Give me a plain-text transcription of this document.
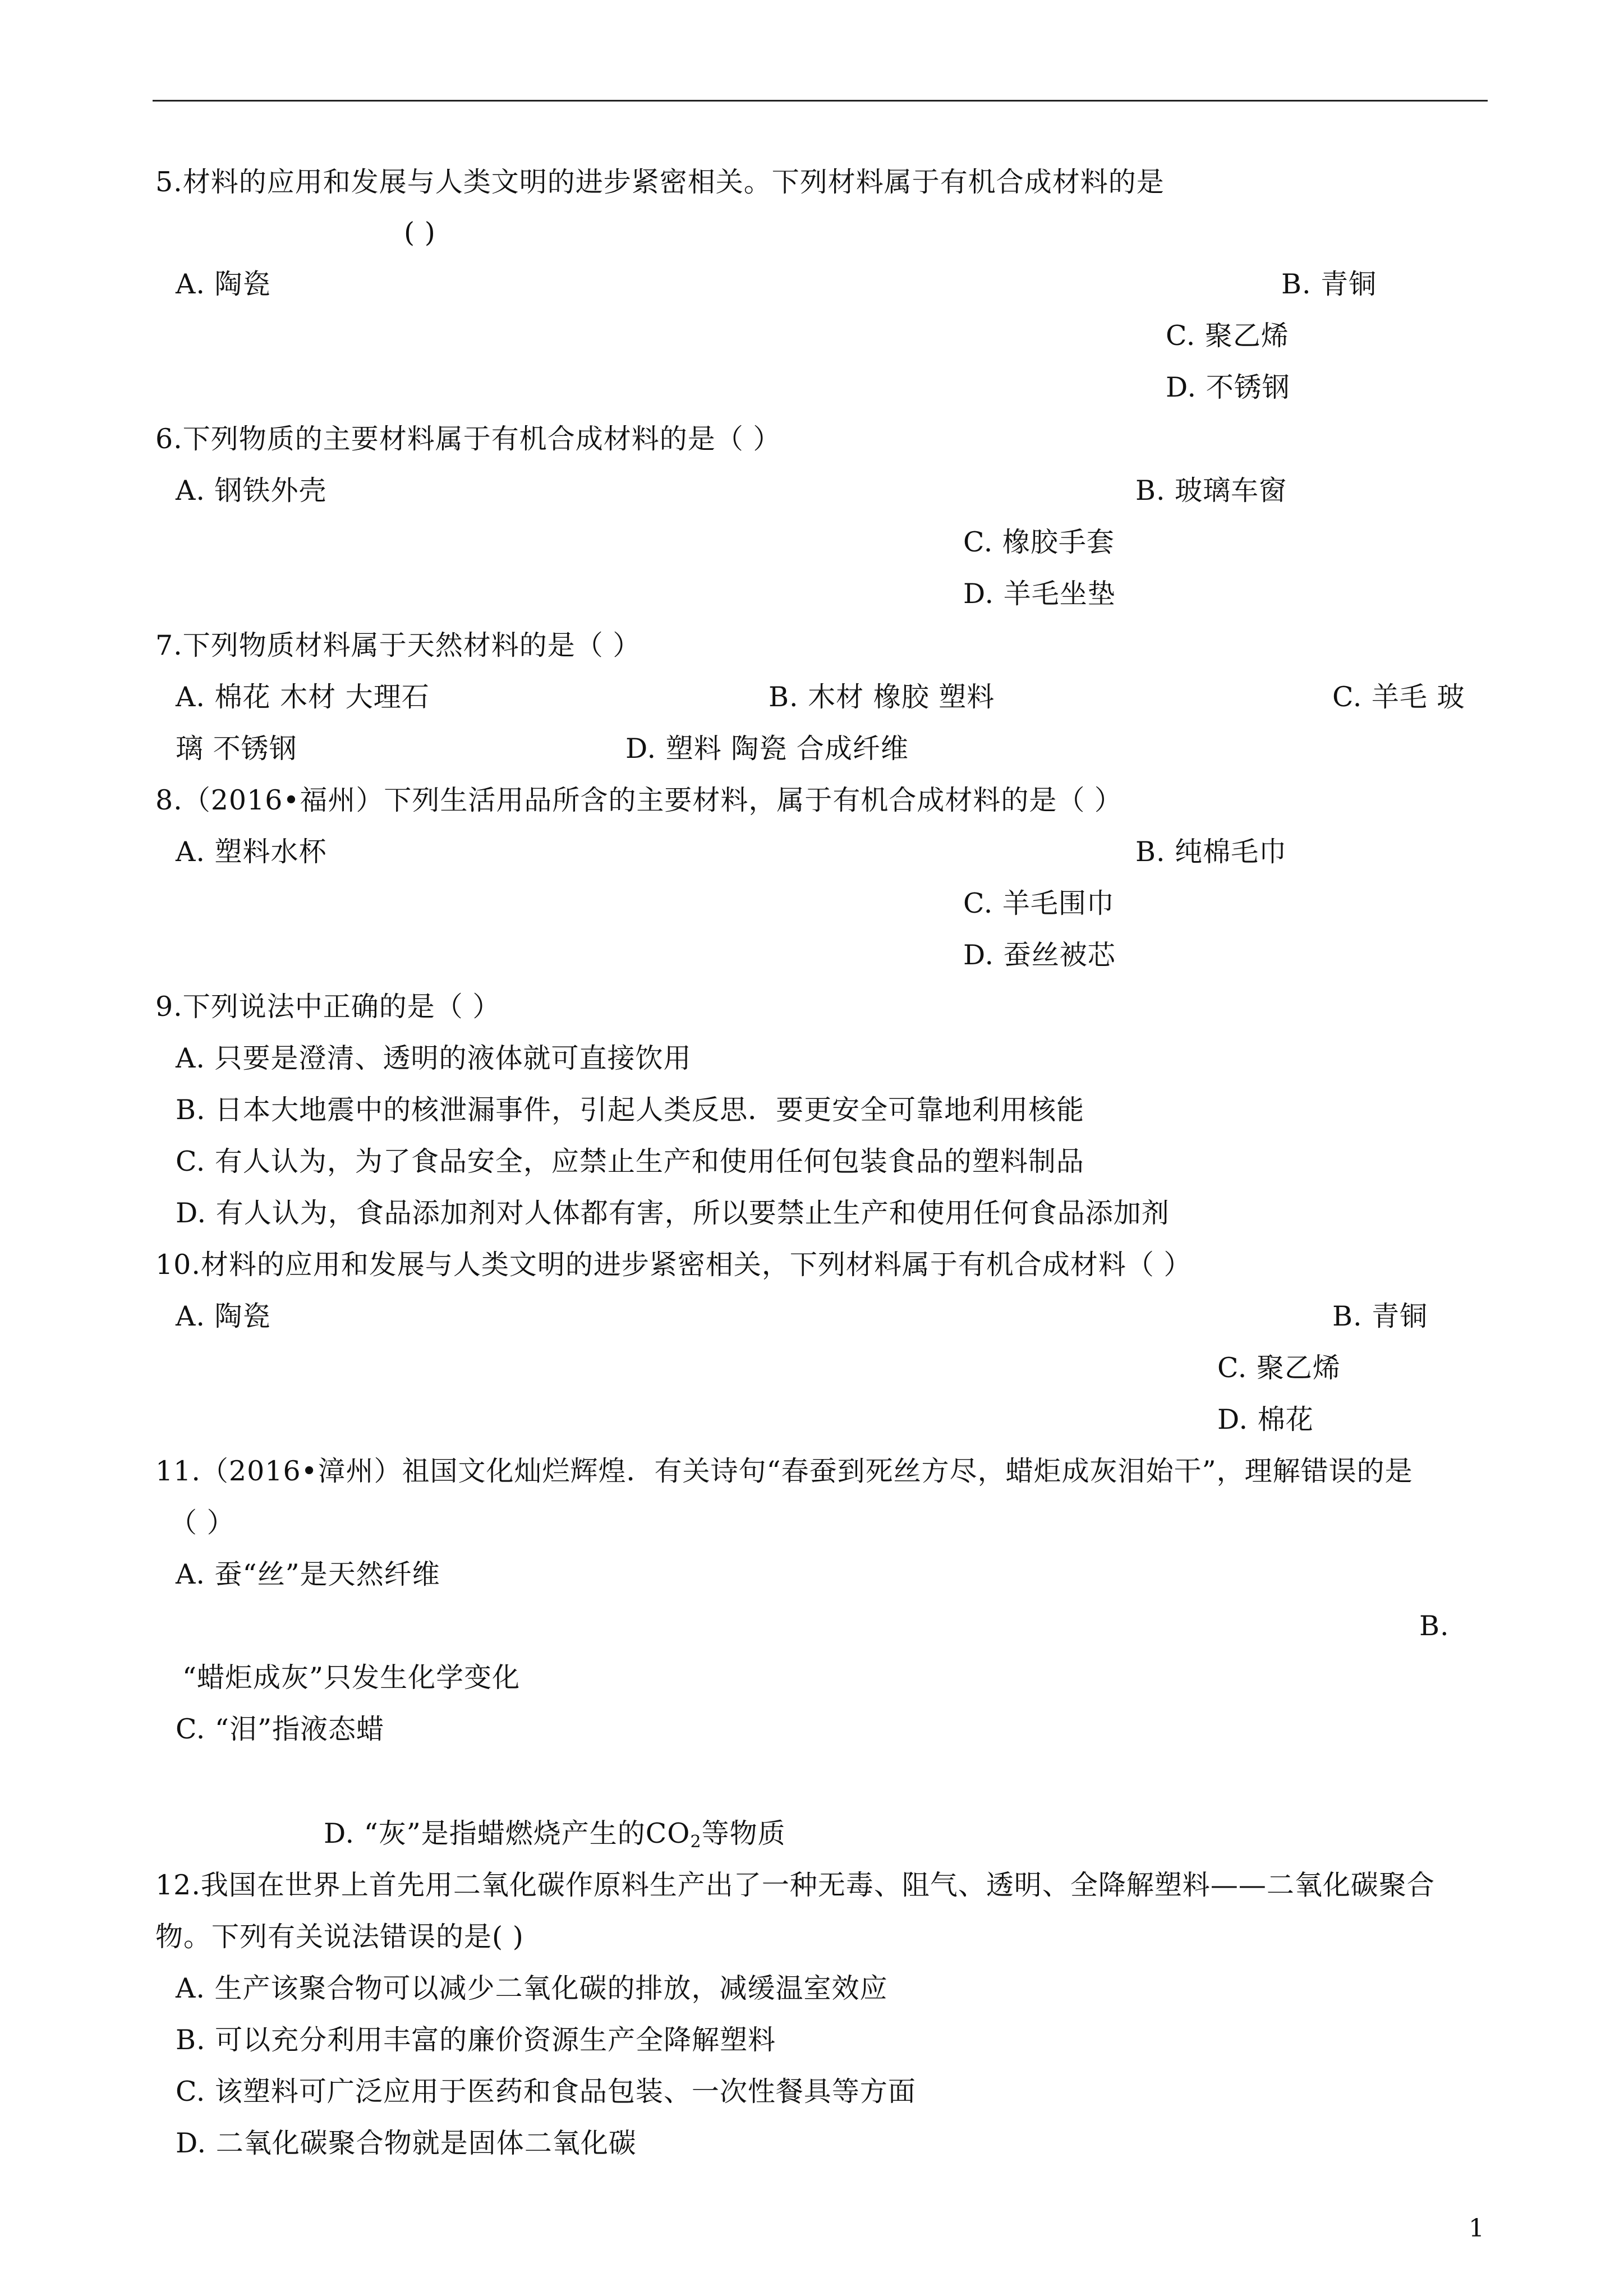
5.材料的应用和发展与人类文明的进步紧密相关。下列材料属于有机合成材料的是
( )
A. 陶瓷	B. 青铜
C. 聚乙烯
D. 不锈钢
6.下列物质的主要材料属于有机合成材料的是（ ）
A. 钢铁外壳	B. 玻璃车窗
C. 橡胶手套
D. 羊毛坐垫
7.下列物质材料属于天然材料的是（ ）
A. 棉花 木材 大理石	B. 木材 橡胶 塑料	C. 羊毛 玻
璃 不锈钢	D. 塑料 陶瓷 合成纤维
8.（2016•福州）下列生活用品所含的主要材料，属于有机合成材料的是（ ）
A. 塑料水杯	B. 纯棉毛巾
C. 羊毛围巾
D. 蚕丝被芯
9.下列说法中正确的是（ ）
A. 只要是澄清、透明的液体就可直接饮用
B. 日本大地震中的核泄漏事件，引起人类反思．要更安全可靠地利用核能
C. 有人认为，为了食品安全，应禁止生产和使用任何包装食品的塑料制品
D. 有人认为，食品添加剂对人体都有害，所以要禁止生产和使用任何食品添加剂
10.材料的应用和发展与人类文明的进步紧密相关，下列材料属于有机合成材料（ ）
A. 陶瓷	B. 青铜
C. 聚乙烯
D. 棉花
11.（2016•漳州）祖国文化灿烂辉煌．有关诗句“春蚕到死丝方尽，蜡炬成灰泪始干”，理解错误的是
（ ）
A. 蚕“丝”是天然纤维
B.
“蜡炬成灰”只发生化学变化
C. “泪”指液态蜡
D. “灰”是指蜡燃烧产生的$CO_2$等物质
12.我国在世界上首先用二氧化碳作原料生产出了一种无毒、阻气、透明、全降解塑料——二氧化碳聚合
物。下列有关说法错误的是( )
A. 生产该聚合物可以减少二氧化碳的排放，减缓温室效应
B. 可以充分利用丰富的廉价资源生产全降解塑料
C. 该塑料可广泛应用于医药和食品包装、一次性餐具等方面
D. 二氧化碳聚合物就是固体二氧化碳
1
